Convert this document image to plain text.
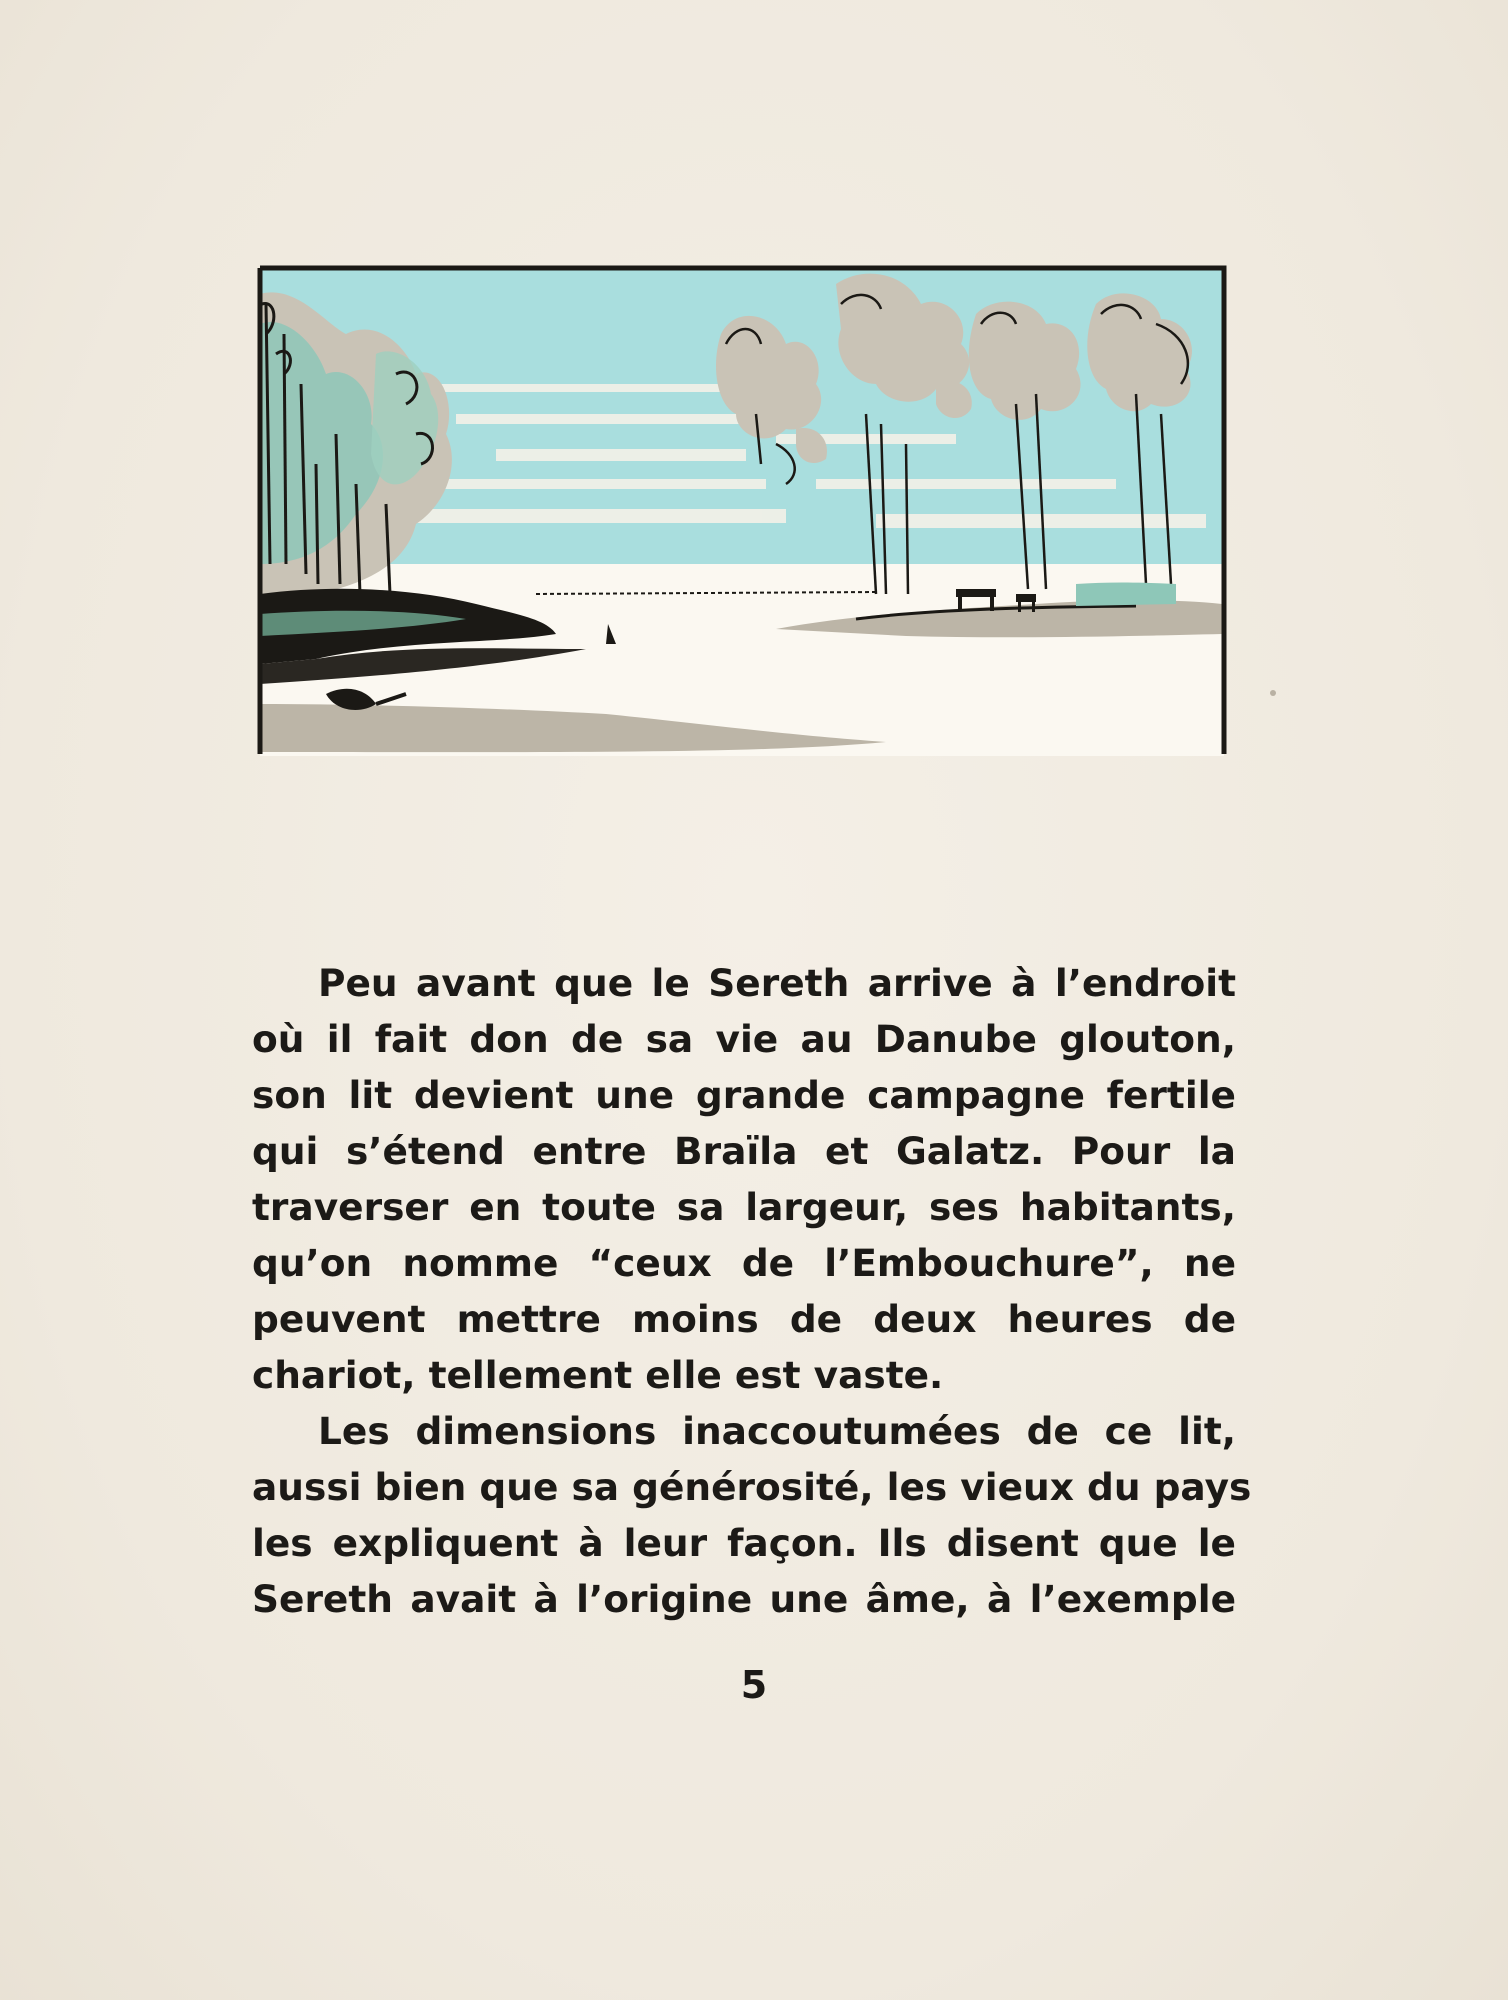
Peu avant que le Sereth arrive à l’endroit
où il fait don de sa vie au Danube glouton,
son lit devient une grande campagne fertile
qui s’étend entre Braïla et Galatz. Pour la
traverser en toute sa largeur, ses habitants,
qu’on nomme “ceux de l’Embouchure”, ne
peuvent mettre moins de deux heures de
chariot, tellement elle est vaste.

Les dimensions inaccoutumées de ce lit,
aussi bien que sa générosité, les vieux du pays
les expliquent à leur façon. Ils disent que le
Sereth avait à l’origine une âme, à l’exemple

5
